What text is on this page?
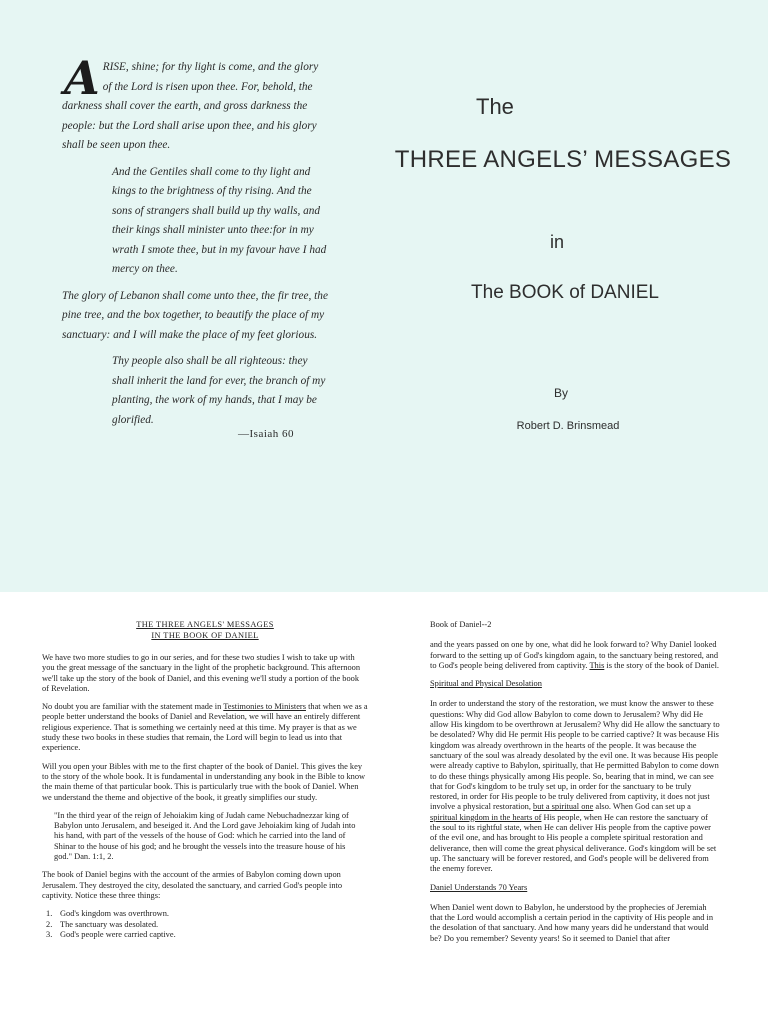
ARISE, shine; for thy light is come, and the glory of the Lord is risen upon thee. For, behold, the darkness shall cover the earth, and gross darkness the people: but the Lord shall arise upon thee, and his glory shall be seen upon thee.

And the Gentiles shall come to thy light and kings to the brightness of thy rising. And the sons of strangers shall build up thy walls, and their kings shall minister unto thee:for in my wrath I smote thee, but in my favour have I had mercy on thee.

The glory of Lebanon shall come unto thee, the fir tree, the pine tree, and the box together, to beautify the place of my sanctuary: and I will make the place of my feet glorious.

Thy people also shall be all righteous: they shall inherit the land for ever, the branch of my planting, the work of my hands, that I may be glorified.

—Isaiah 60
The
THREE ANGELS’ MESSAGES
in
The BOOK of DANIEL
By
Robert D. Brinsmead
THE THREE ANGELS' MESSAGES
IN THE BOOK OF DANIEL

We have two more studies to go in our series, and for these two studies I wish to take up with you the great message of the sanctuary in the light of the prophetic background. This afternoon we'll take up the story of the book of Daniel, and this evening we'll study a portion of the book of Revelation.

No doubt you are familiar with the statement made in Testimonies to Ministers that when we as a people better understand the books of Daniel and Revelation, we will have an entirely different religious experience. That is something we certainly need at this time. My prayer is that as we study these two books in these studies that remain, the Lord will begin to lead us into that experience.

Will you open your Bibles with me to the first chapter of the book of Daniel. This gives the key to the story of the whole book. It is fundamental in understanding any book in the Bible to know the main theme of that particular book. This is particularly true with the book of Daniel. When we understand the theme and objective of the book, it greatly simplifies our study.

"In the third year of the reign of Jehoiakim king of Judah came Nebuchadnezzar king of Babylon unto Jerusalem, and beseiged it. And the Lord gave Jehoiakim king of Judah into his hand, with part of the vessels of the house of God: which he carried into the land of Shinar to the house of his god; and he brought the vessels into the treasure house of his god." Dan. 1:1, 2.

The book of Daniel begins with the account of the armies of Babylon coming down upon Jerusalem. They destroyed the city, desolated the sanctuary, and carried God's people into captivity. Notice these three things:

1. God's kingdom was overthrown.
2. The sanctuary was desolated.
3. God's people were carried captive.

Book of Daniel--2

and the years passed on one by one, what did he look forward to? Why Daniel looked forward to the setting up of God's kingdom again, to the sanctuary being restored, and to God's people being delivered from captivity. This is the story of the book of Daniel.

Spiritual and Physical Desolation

In order to understand the story of the restoration, we must know the answer to these questions: Why did God allow Babylon to come down to Jerusalem? Why did He allow His kingdom to be overthrown at Jerusalem? Why did He allow the sanctuary to be desolated? Why did He permit His people to be carried captive? It was because His kingdom was already overthrown in the hearts of the people. It was because the sanctuary of the soul was already desolated by the evil one. It was because His people were already captive to Babylon, spiritually, that He permitted Babylon to come down to do these things physically among His people. So, bearing that in mind, we can see that for God's kingdom to be truly set up, in order for the sanctuary to be truly restored, in order for His people to be truly delivered from captivity, it does not just involve a physical restoration, but a spiritual one also. When God can set up a spiritual kingdom in the hearts of His people, when He can restore the sanctuary of the soul to its rightful state, when He can deliver His people from the captive power of the evil one, and has brought to His people a complete spiritual restoration and deliverance, then will come the great physical deliverance. God's kingdom will be set up. The sanctuary will be forever restored, and God's people will be delivered from the enemy forever.

Daniel Understands 70 Years

When Daniel went down to Babylon, he understood by the prophecies of Jeremiah that the Lord would accomplish a certain period in the captivity of His people and in the desolation of that sanctuary. And how many years did he understand that would be? Do you remember? Seventy years! So it seemed to Daniel that after
